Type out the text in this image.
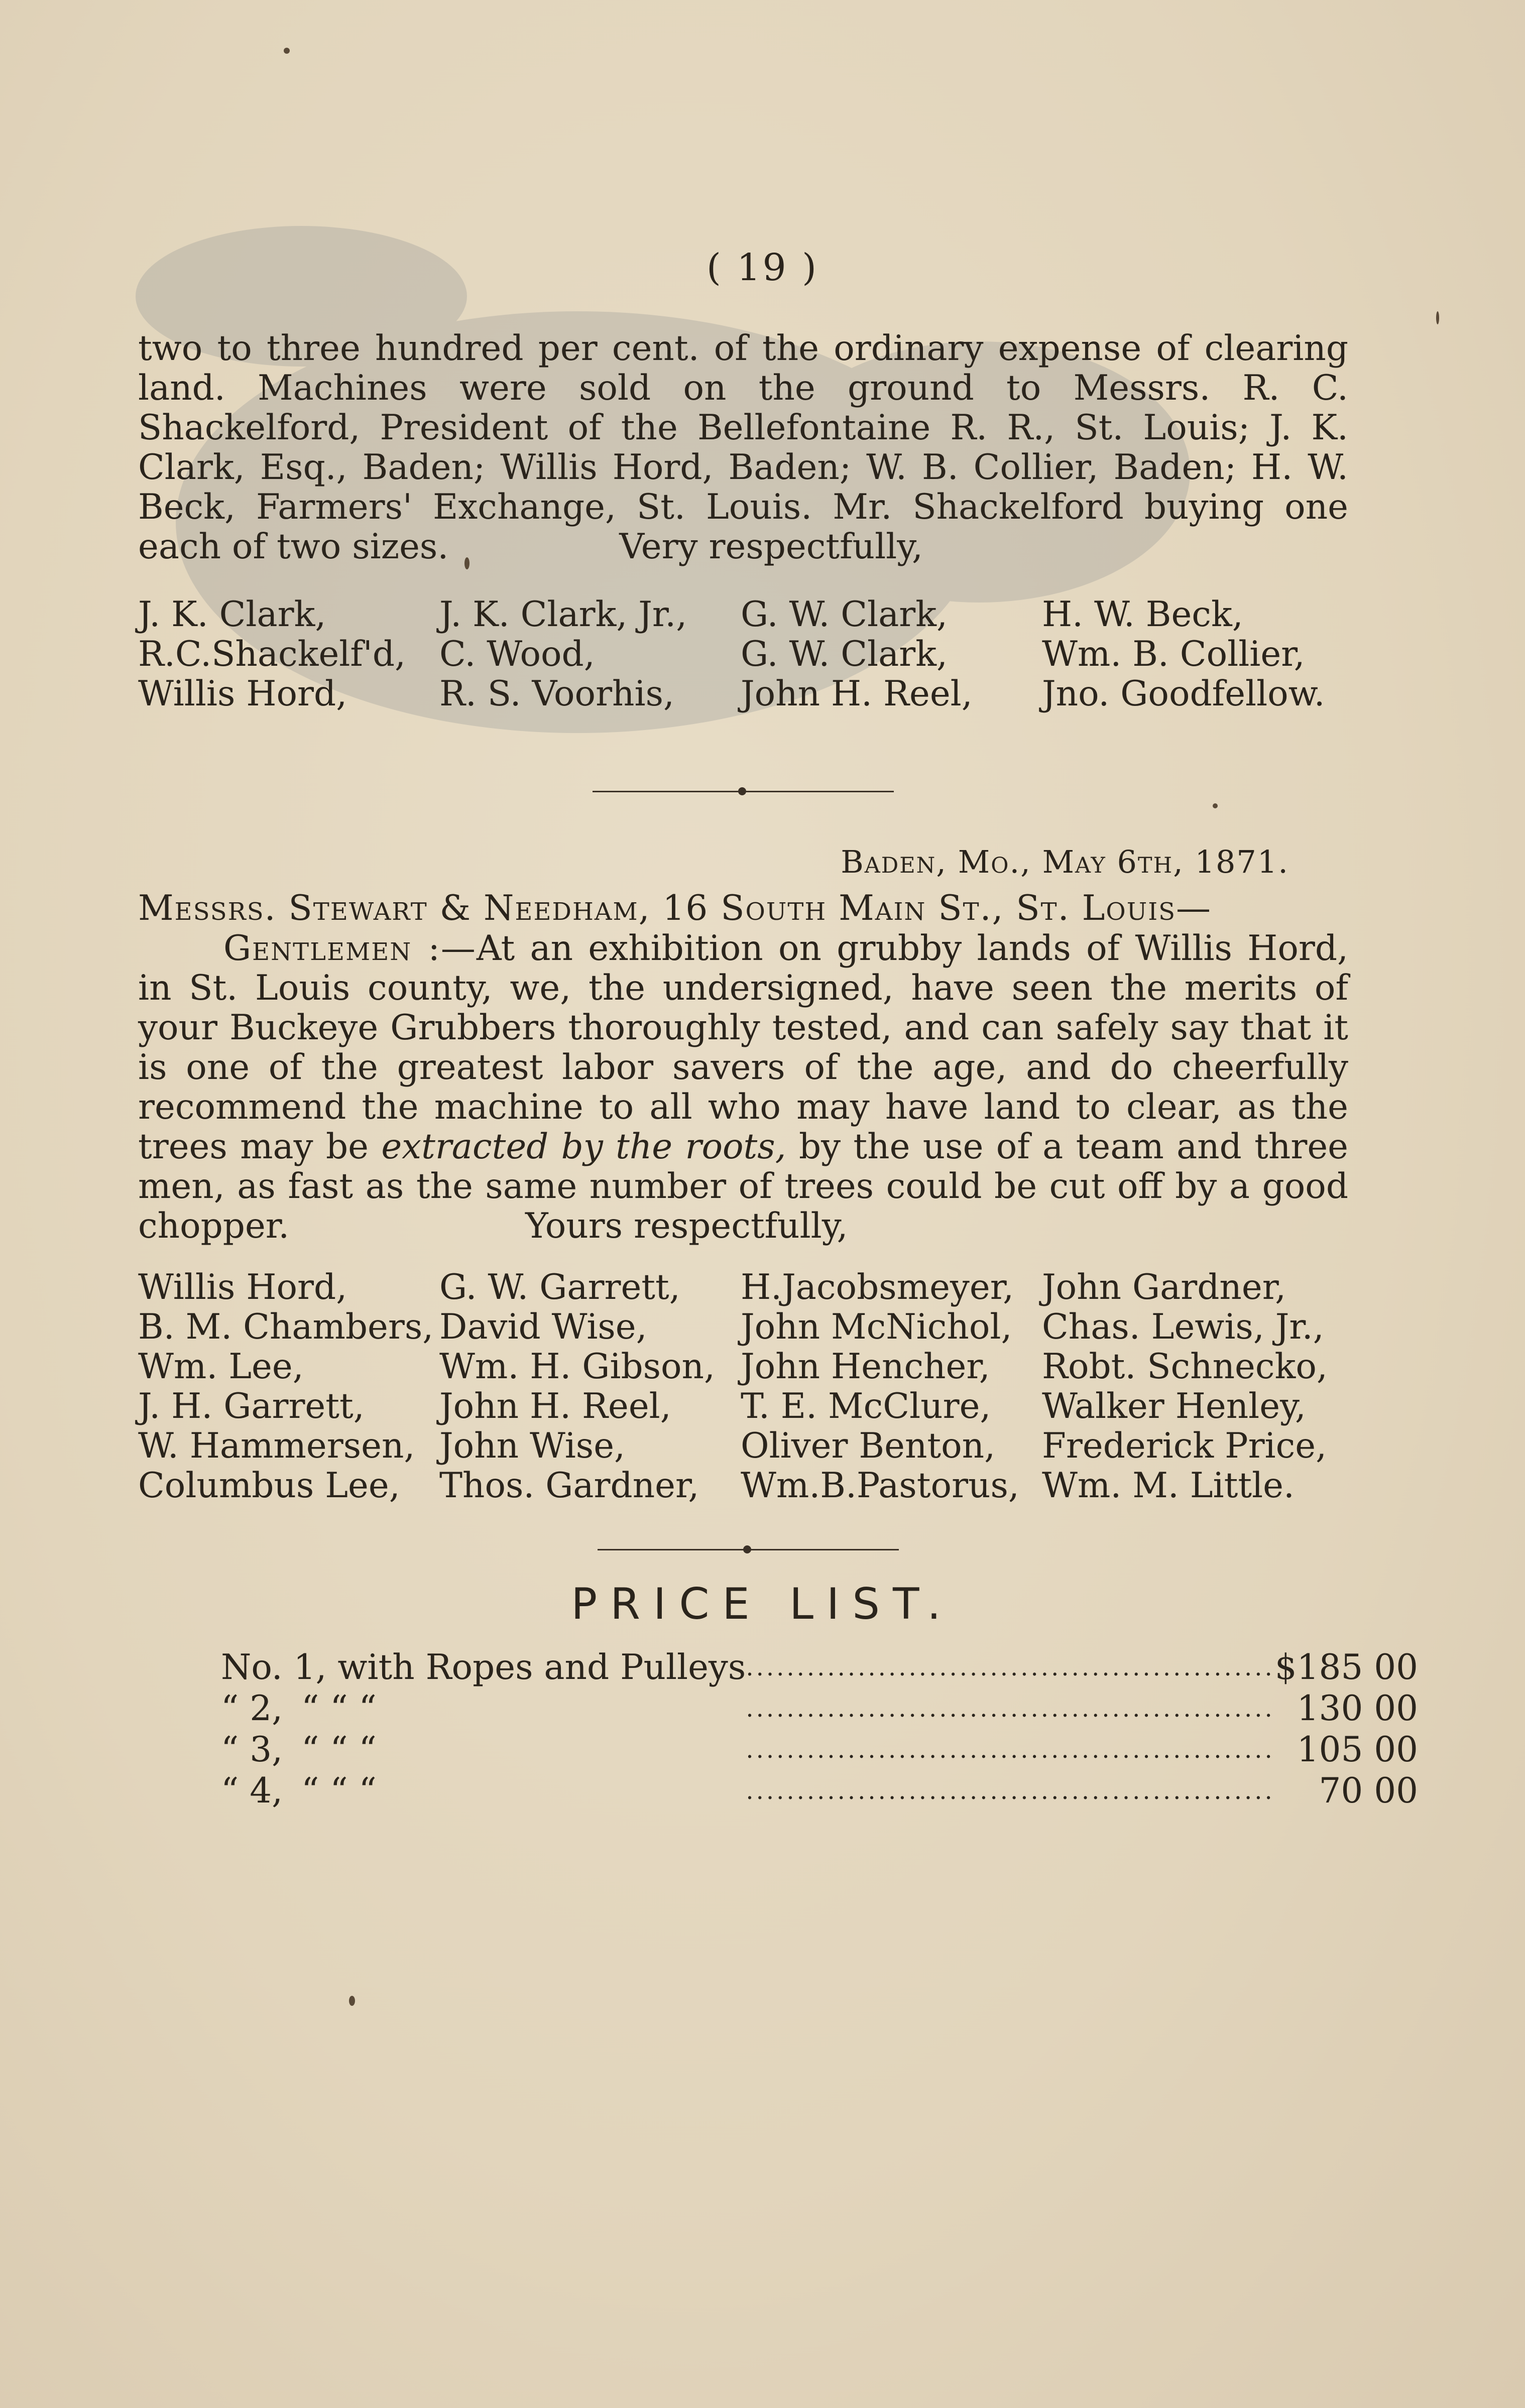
( 19 )

two to three hundred per cent. of the ordinary expense of clearing land. Machines were sold on the ground to Messrs. R. C. Shackelford, President of the Bellefontaine R. R., St. Louis; J. K. Clark, Esq., Baden; Willis Hord, Baden; W. B. Collier, Baden; H. W. Beck, Farmers' Exchange, St. Louis. Mr. Shackelford buying one each of two sizes.	Very respectfully,

J. K. Clark,	J. K. Clark, Jr.,	G. W. Clark,	H. W. Beck,
R.C.Shackelf'd,	C. Wood,	G. W. Clark,	Wm. B. Collier,
Willis Hord,	R. S. Voorhis,	John H. Reel,	Jno. Goodfellow.
Baden, Mo., May 6th, 1871.
Messrs. Stewart & Needham, 16 South Main St., St. Louis—

Gentlemen :—At an exhibition on grubby lands of Willis Hord, in St. Louis county, we, the undersigned, have seen the merits of your Buckeye Grubbers thoroughly tested, and can safely say that it is one of the greatest labor savers of the age, and do cheerfully recommend the machine to all who may have land to clear, as the trees may be extracted by the roots, by the use of a team and three men, as fast as the same number of trees could be cut off by a good chopper.	Yours respectfully,

Willis Hord,	G. W. Garrett,	H.Jacobsmeyer,	John Gardner,
B. M. Chambers,	David Wise,	John McNichol,	Chas. Lewis, Jr.,
Wm. Lee,	Wm. H. Gibson,	John Hencher,	Robt. Schnecko,
J. H. Garrett,	John H. Reel,	T. E. McClure,	Walker Henley,
W. Hammersen,	John Wise,	Oliver Benton,	Frederick Price,
Columbus Lee,	Thos. Gardner,	Wm.B.Pastorus,	Wm. M. Little.
PRICE LIST.
No. 1, with Ropes and Pulleys	....................................................	$185 00
“ 2, “ “ “	....................................................	130 00
“ 3, “ “ “	....................................................	105 00
“ 4, “ “ “	....................................................	70 00
